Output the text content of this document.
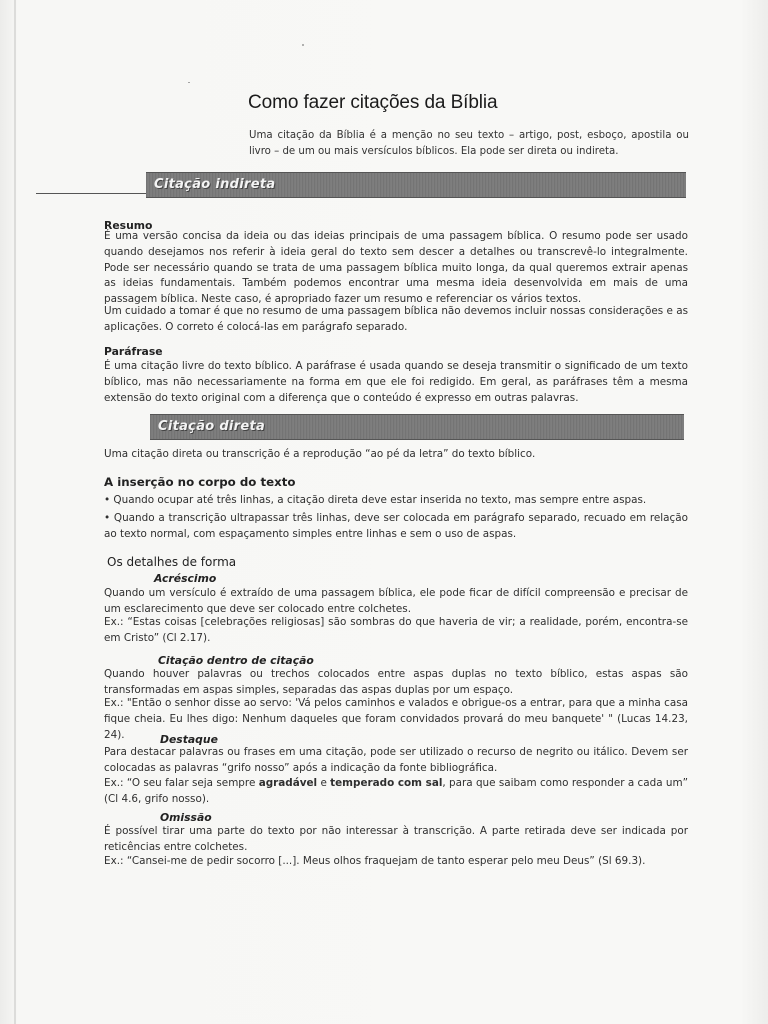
Como fazer citações da Bíblia

Uma citação da Bíblia é a menção no seu texto – artigo, post, esboço, apostila ou livro – de um ou mais versículos bíblicos. Ela pode ser direta ou indireta.

Citação indireta
Resumo

É uma versão concisa da ideia ou das ideias principais de uma passagem bíblica. O resumo pode ser usado quando desejamos nos referir à ideia geral do texto sem descer a detalhes ou transcrevê-lo integralmente. Pode ser necessário quando se trata de uma passagem bíblica muito longa, da qual queremos extrair apenas as ideias fundamentais. Também podemos encontrar uma mesma ideia desenvolvida em mais de uma passagem bíblica. Neste caso, é apropriado fazer um resumo e referenciar os vários textos.

Um cuidado a tomar é que no resumo de uma passagem bíblica não devemos incluir nossas considerações e as aplicações. O correto é colocá-las em parágrafo separado.

Paráfrase

É uma citação livre do texto bíblico. A paráfrase é usada quando se deseja transmitir o significado de um texto bíblico, mas não necessariamente na forma em que ele foi redigido. Em geral, as paráfrases têm a mesma extensão do texto original com a diferença que o conteúdo é expresso em outras palavras.

Citação direta

Uma citação direta ou transcrição é a reprodução “ao pé da letra” do texto bíblico.

A inserção no corpo do texto

• Quando ocupar até três linhas, a citação direta deve estar inserida no texto, mas sempre entre aspas.

• Quando a transcrição ultrapassar três linhas, deve ser colocada em parágrafo separado, recuado em relação ao texto normal, com espaçamento simples entre linhas e sem o uso de aspas.

Os detalhes de forma
Acréscimo

Quando um versículo é extraído de uma passagem bíblica, ele pode ficar de difícil compreensão e precisar de um esclarecimento que deve ser colocado entre colchetes.

Ex.: “Estas coisas [celebrações religiosas] são sombras do que haveria de vir; a realidade, porém, encontra-se em Cristo” (Cl 2.17).

Citação dentro de citação

Quando houver palavras ou trechos colocados entre aspas duplas no texto bíblico, estas aspas são transformadas em aspas simples, separadas das aspas duplas por um espaço.

Ex.: "Então o senhor disse ao servo: 'Vá pelos caminhos e valados e obrigue-os a entrar, para que a minha casa fique cheia. Eu lhes digo: Nenhum daqueles que foram convidados provará do meu banquete' " (Lucas 14.23, 24).	Destaque

Para destacar palavras ou frases em uma citação, pode ser utilizado o recurso de negrito ou itálico. Devem ser colocadas as palavras “grifo nosso” após a indicação da fonte bibliográfica.

Ex.: “O seu falar seja sempre agradável e temperado com sal, para que saibam como responder a cada um” (Cl 4.6, grifo nosso).

Omissão

É possível tirar uma parte do texto por não interessar à transcrição. A parte retirada deve ser indicada por reticências entre colchetes.

Ex.: “Cansei-me de pedir socorro [...]. Meus olhos fraquejam de tanto esperar pelo meu Deus” (Sl 69.3).
